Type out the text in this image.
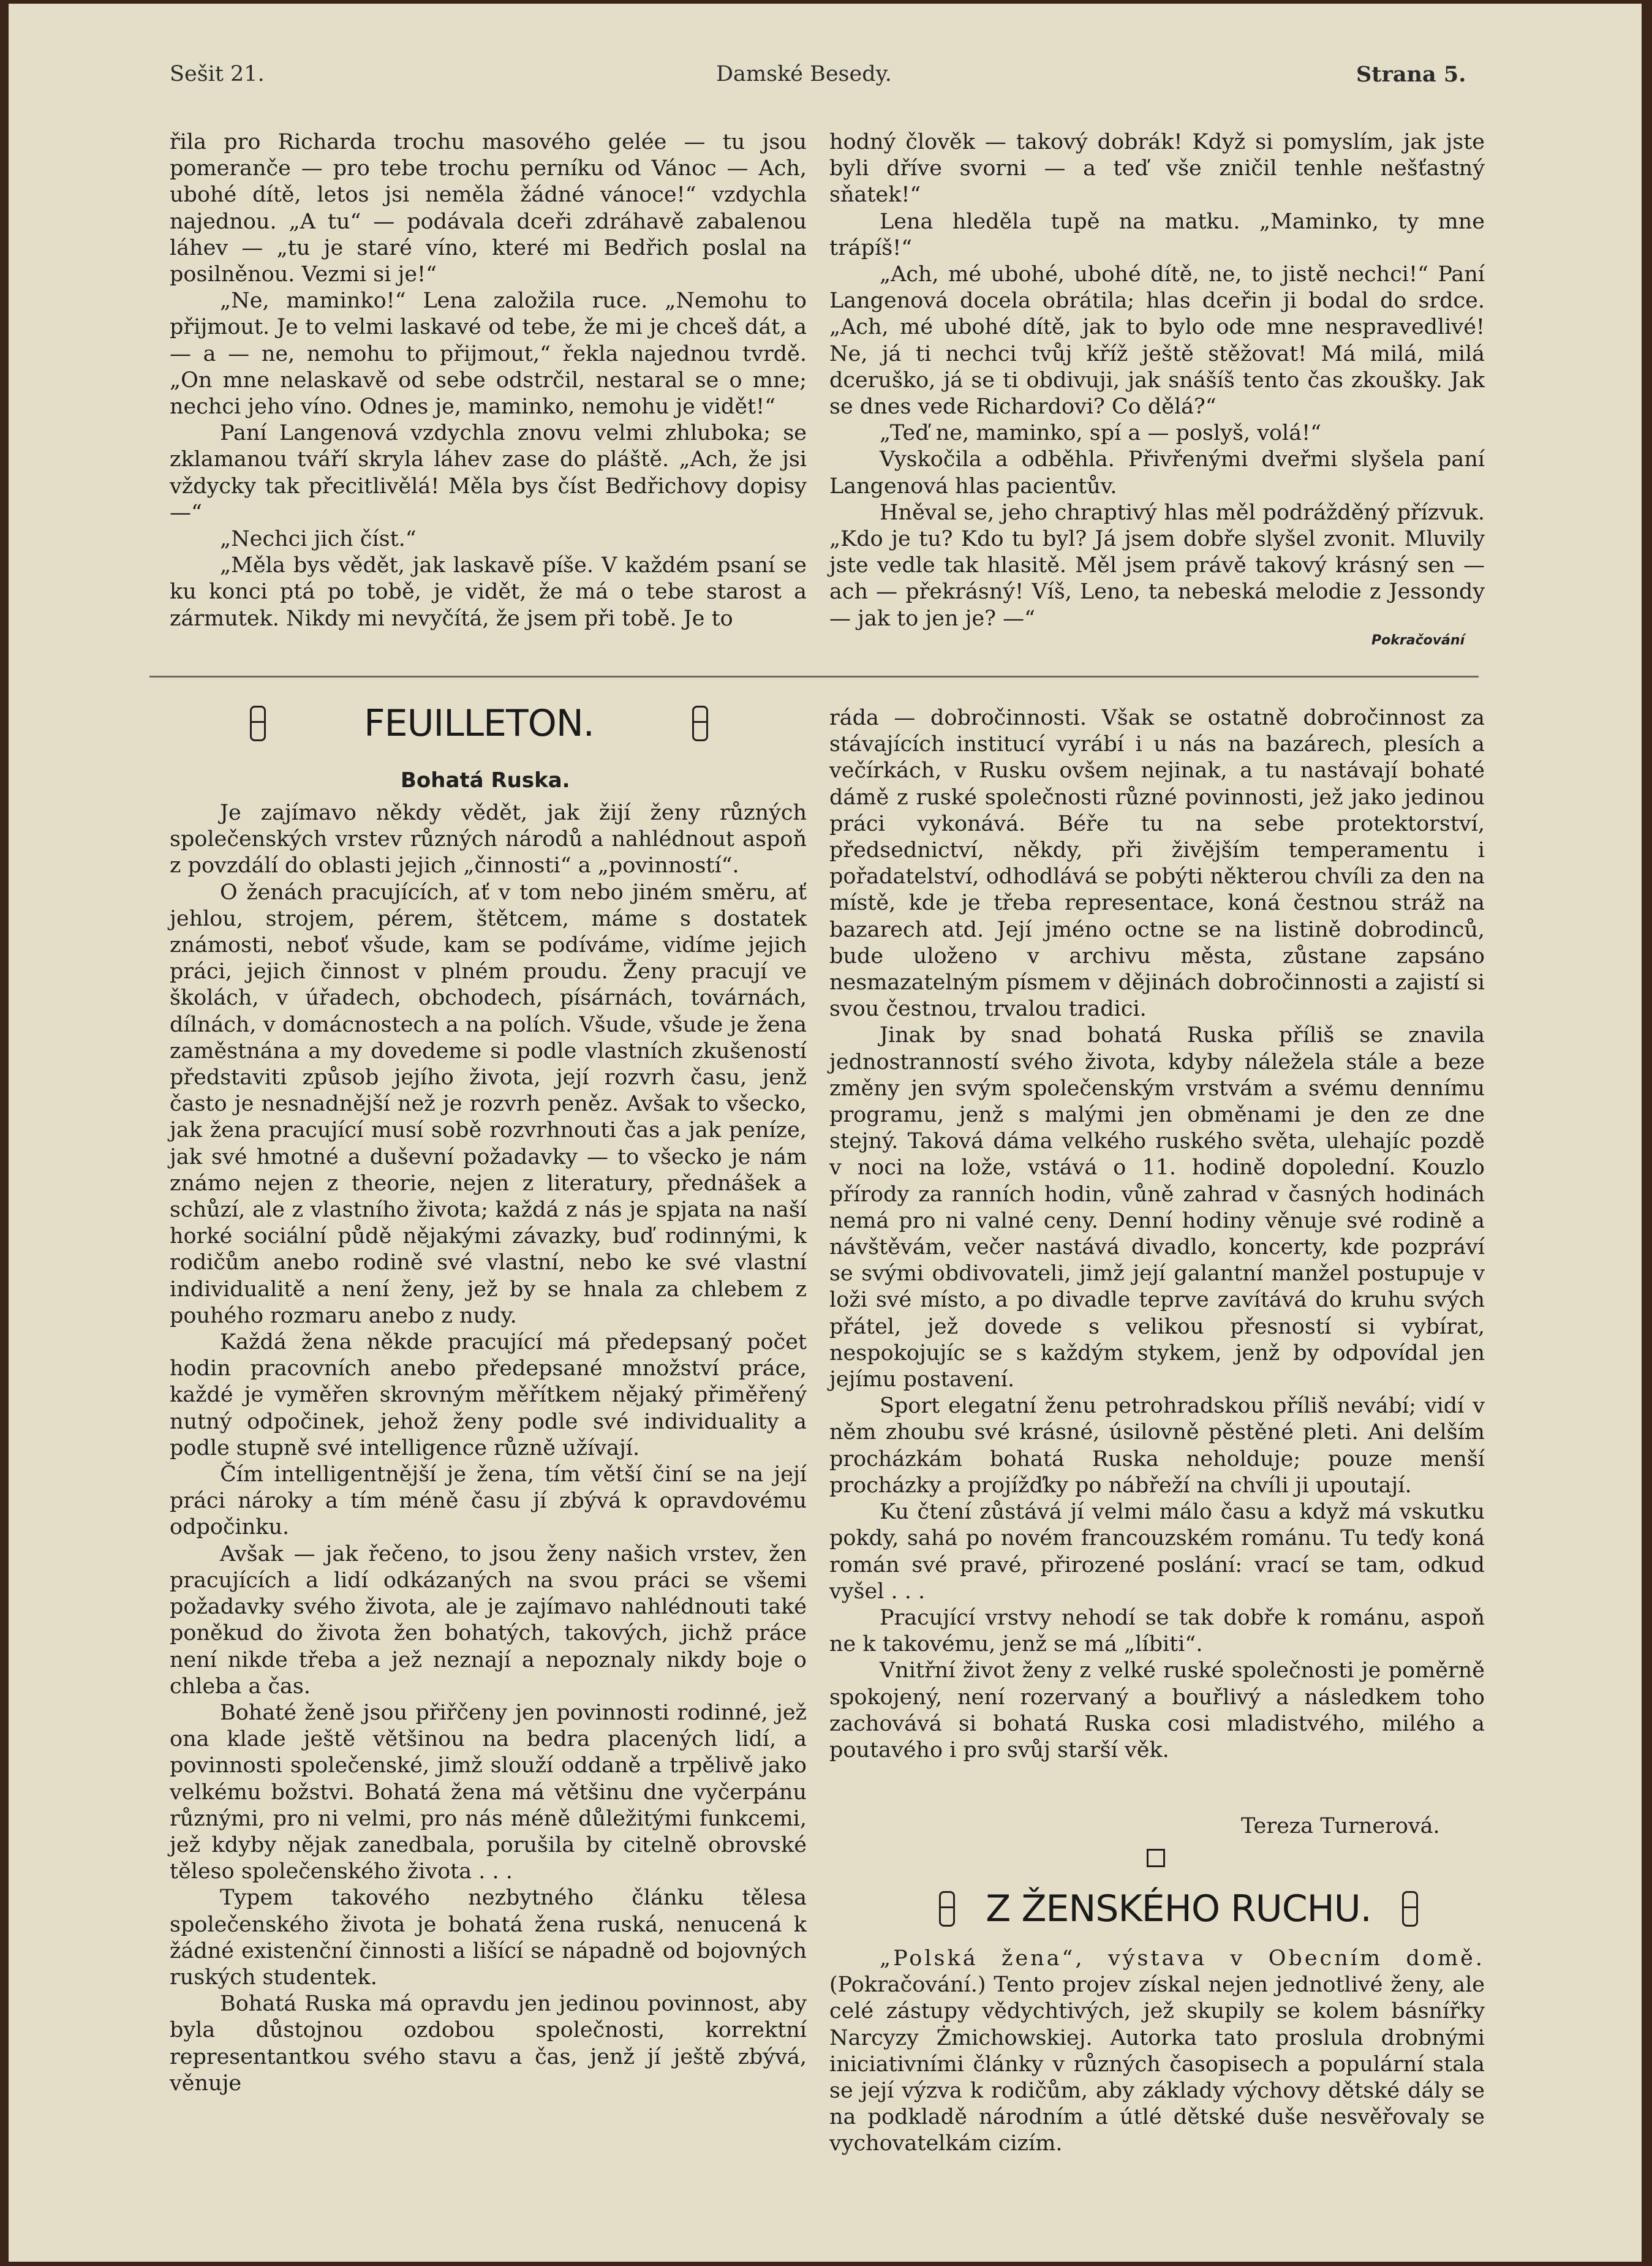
Sešit 21.	Damské Besedy.	Strana 5.

řila pro Richarda trochu masového gelée — tu jsou pomeranče — pro tebe trochu perníku od Vánoc — Ach, ubohé dítě, letos jsi neměla žádné vánoce!“ vzdychla najednou. „A tu“ — podávala dceři zdráhavě zabalenou láhev — „tu je staré víno, které mi Bedřich poslal na posilněnou. Vezmi si je!“

„Ne, maminko!“ Lena založila ruce. „Nemohu to přijmout. Je to velmi laskavé od tebe, že mi je chceš dát, a — a — ne, nemohu to přijmout,“ řekla najednou tvrdě. „On mne nelaskavě od sebe odstrčil, nestaral se o mne; nechci jeho víno. Odnes je, maminko, nemohu je vidět!“

Paní Langenová vzdychla znovu velmi zhluboka; se zklamanou tváří skryla láhev zase do pláště. „Ach, že jsi vždycky tak přecitlivělá! Měla bys číst Bedřichovy dopisy —“

„Nechci jich číst.“

„Měla bys vědět, jak laskavě píše. V každém psaní se ku konci ptá po tobě, je vidět, že má o tebe starost a zármutek. Nikdy mi nevyčítá, že jsem při tobě. Je to

hodný člověk — takový dobrák! Když si pomyslím, jak jste byli dříve svorni — a teď vše zničil tenhle nešťastný sňatek!“

Lena hleděla tupě na matku. „Maminko, ty mne trápíš!“

„Ach, mé ubohé, ubohé dítě, ne, to jistě nechci!“ Paní Langenová docela obrátila; hlas dceřin ji bodal do srdce. „Ach, mé ubohé dítě, jak to bylo ode mne nespravedlivé! Ne, já ti nechci tvůj kříž ještě stěžovat! Má milá, milá dceruško, já se ti obdivuji, jak snášíš tento čas zkoušky. Jak se dnes vede Richardovi? Co dělá?“

„Teď ne, maminko, spí a — poslyš, volá!“

Vyskočila a odběhla. Přivřenými dveřmi slyšela paní Langenová hlas pacientův.

Hněval se, jeho chraptivý hlas měl podrážděný přízvuk. „Kdo je tu? Kdo tu byl? Já jsem dobře slyšel zvonit. Mluvily jste vedle tak hlasitě. Měl jsem právě takový krásný sen — ach — překrásný! Víš, Leno, ta nebeská melodie z Jessondy — jak to jen je? —“

Pokračování
FEUILLETON.
Bohatá Ruska.

Je zajímavo někdy vědět, jak žijí ženy různých společenských vrstev různých národů a nahlédnout aspoň z povzdálí do oblasti jejich „činnosti“ a „povinností“.

O ženách pracujících, ať v tom nebo jiném směru, ať jehlou, strojem, pérem, štětcem, máme s dostatek známosti, neboť všude, kam se podíváme, vidíme jejich práci, jejich činnost v plném proudu. Ženy pracují ve školách, v úřadech, obchodech, písárnách, továrnách, dílnách, v domácnostech a na polích. Všude, všude je žena zaměstnána a my dovedeme si podle vlastních zkušeností představiti způsob jejího života, její rozvrh času, jenž často je nesnadnější než je rozvrh peněz. Avšak to všecko, jak žena pracující musí sobě rozvrhnouti čas a jak peníze, jak své hmotné a duševní požadavky — to všecko je nám známo nejen z theorie, nejen z literatury, přednášek a schůzí, ale z vlastního života; každá z nás je spjata na naší horké sociální půdě nějakými závazky, buď rodinnými, k rodičům anebo rodině své vlastní, nebo ke své vlastní individualitě a není ženy, jež by se hnala za chlebem z pouhého rozmaru anebo z nudy.

Každá žena někde pracující má předepsaný počet hodin pracovních anebo předepsané množství práce, každé je vyměřen skrovným měřítkem nějaký přiměřený nutný odpočinek, jehož ženy podle své individuality a podle stupně své intelligence různě užívají.

Čím intelligentnější je žena, tím větší činí se na její práci nároky a tím méně času jí zbývá k opravdovému odpočinku.

Avšak — jak řečeno, to jsou ženy našich vrstev, žen pracujících a lidí odkázaných na svou práci se všemi požadavky svého života, ale je zajímavo nahlédnouti také poněkud do života žen bohatých, takových, jichž práce není nikde třeba a jež neznají a nepoznaly nikdy boje o chleba a čas.

Bohaté ženě jsou přiřčeny jen povinnosti rodinné, jež ona klade ještě většinou na bedra placených lidí, a povinnosti společenské, jimž slouží oddaně a trpělivě jako velkému božstvi. Bohatá žena má většinu dne vyčerpánu různými, pro ni velmi, pro nás méně důležitými funkcemi, jež kdyby nějak zanedbala, porušila by citelně obrovské těleso společenského života . . .

Typem takového nezbytného článku tělesa společenského života je bohatá žena ruská, nenucená k žádné existenční činnosti a lišící se nápadně od bojovných ruských studentek.

Bohatá Ruska má opravdu jen jedinou povinnost, aby byla důstojnou ozdobou společnosti, korrektní representantkou svého stavu a čas, jenž jí ještě zbývá, věnuje

ráda — dobročinnosti. Však se ostatně dobročinnost za stávajících institucí vyrábí i u nás na bazárech, plesích a večírkách, v Rusku ovšem nejinak, a tu nastávají bohaté dámě z ruské společnosti různé povinnosti, jež jako jedinou práci vykonává. Béře tu na sebe protektorství, předsednictví, někdy, při živějším temperamentu i pořadatelství, odhodlává se pobýti některou chvíli za den na místě, kde je třeba representace, koná čestnou stráž na bazarech atd. Její jméno octne se na listině dobrodinců, bude uloženo v archivu města, zůstane zapsáno nesmazatelným písmem v dějinách dobročinnosti a zajistí si svou čestnou, trvalou tradici.

Jinak by snad bohatá Ruska příliš se znavila jednostranností svého života, kdyby náležela stále a beze změny jen svým společenským vrstvám a svému dennímu programu, jenž s malými jen obměnami je den ze dne stejný. Taková dáma velkého ruského světa, ulehajíc pozdě v noci na lože, vstává o 11. hodině dopolední. Kouzlo přírody za ranních hodin, vůně zahrad v časných hodinách nemá pro ni valné ceny. Denní hodiny věnuje své rodině a návštěvám, večer nastává divadlo, koncerty, kde pozpráví se svými obdivovateli, jimž její galantní manžel postupuje v loži své místo, a po divadle teprve zavítává do kruhu svých přátel, jež dovede s velikou přesností si vybírat, nespokojujíc se s každým stykem, jenž by odpovídal jen jejímu postavení.

Sport elegatní ženu petrohradskou příliš neváb͏í; vidí v něm zhoubu své krásné, úsilovně pěstěné pleti. Ani delším procházkám bohatá Ruska neholduje; pouze menší procházky a projížďky po nábřeží na chvíli ji upoutají.

Ku čtení zůstává jí velmi málo času a když má vskutku pokdy, sahá po novém francouzském románu. Tu teďy koná román své pravé, přirozené poslání: vrací se tam, odkud vyšel . . .

Pracující vrstvy nehodí se tak dobře k románu, aspoň ne k takovému, jenž se má „líbiti“.

Vnitřní život ženy z velké ruské společnosti je poměrně spokojený, není rozervaný a bouřlivý a následkem toho zachovává si bohatá Ruska cosi mladistvého, milého a poutavého i pro svůj starší věk.

Tereza Turnerová.
Z ŽENSKÉHO RUCHU.

„Polská žena“, výstava v Obecním domě. (Pokračování.) Tento projev získal nejen jednotlivé ženy, ale celé zástupy vědychtivých, jež skupily se kolem básnířky Narcyzy Żmichowskiej. Autorka tato proslula drobnými iniciativními články v různých časopisech a populární stala se její výzva k rodičům, aby základy výchovy dětské dály se na podkladě národním a útlé dětské duše nesvěřovaly se vychovatelkám cizím.
